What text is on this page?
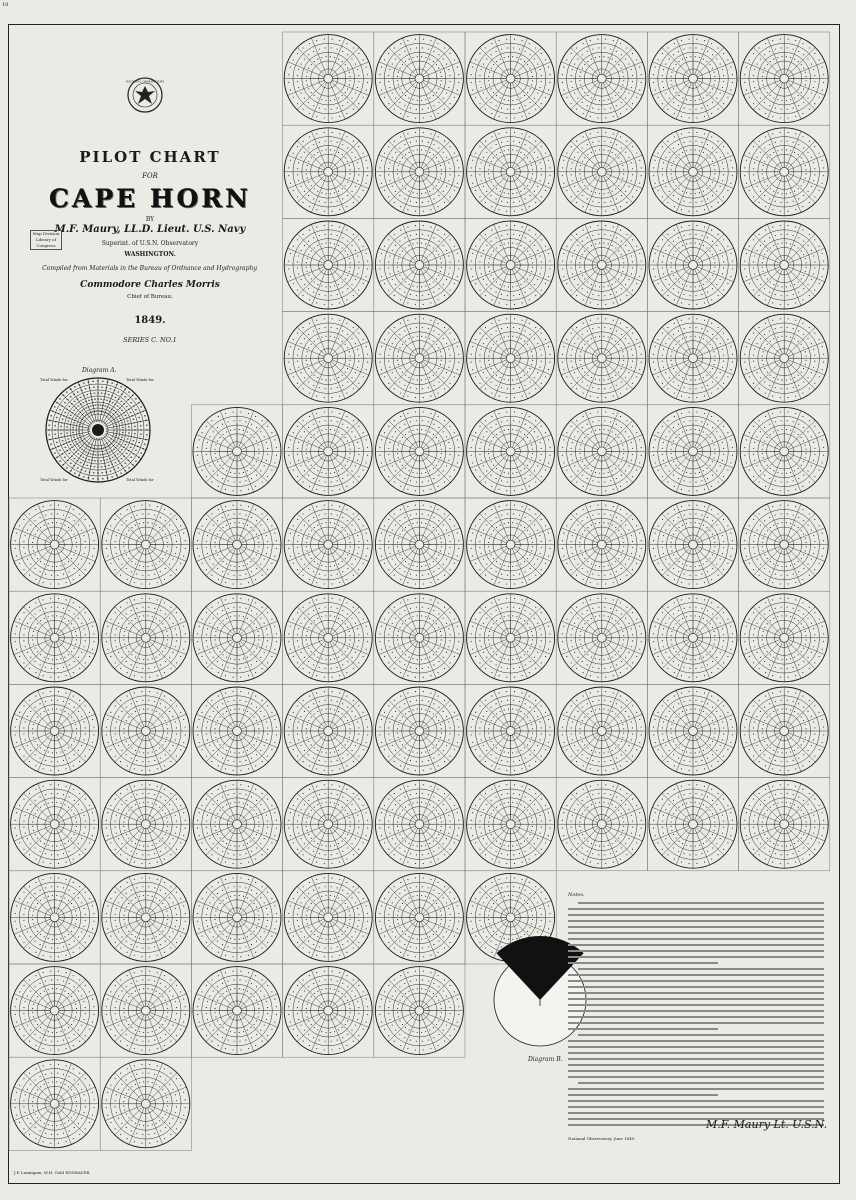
10
NATIONAL OBSERVATORY
PILOT CHART
FOR
CAPE HORN
BY
M.F. Maury, LL.D. Lieut. U.S. Navy
Superint. of U.S.N. Observatory
WASHINGTON.
Compiled from Materials in the Bureau of Ordnance and Hydrography.
Commodore Charles Morris
Chief of Bureau.
1849.
SERIES C. NO.1
Map Division
Library of Congress
Diagram A.
Total Winds for	Total Winds for
Total Winds for	Total Winds for
Diagram B.
Notes.
M.F. Maury Lt. U.S.N.
National Observatory, June 1849.
J.P. Lunnigam, W.H. Gold ENGRAVER
